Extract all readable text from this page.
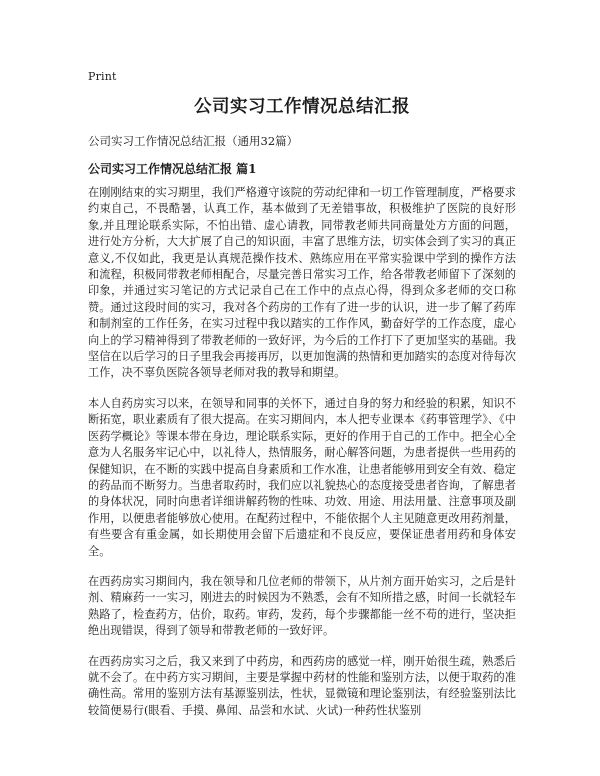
Print
公司实习工作情况总结汇报

公司实习工作情况总结汇报（通用32篇）

公司实习工作情况总结汇报 篇1

在刚刚结束的实习期里，我们严格遵守该院的劳动纪律和一切工作管理制度，严格要求约束自己，不畏酷暑，认真工作，基本做到了无差错事故，积极维护了医院的良好形象,并且理论联系实际，不怕出错、虚心请教，同带教老师共同商量处方方面的问题，进行处方分析，大大扩展了自己的知识面，丰富了思维方法，切实体会到了实习的真正意义,不仅如此，我更是认真规范操作技术、熟练应用在平常实验课中学到的操作方法和流程，积极同带教老师相配合，尽量完善日常实习工作，给各带教老师留下了深刻的印象，并通过实习笔记的方式记录自己在工作中的点点心得，得到众多老师的交口称赞。通过这段时间的实习，我对各个药房的工作有了进一步的认识，进一步了解了药库和制剂室的工作任务，在实习过程中我以踏实的工作作风，勤奋好学的工作态度，虚心向上的学习精神得到了带教老师的一致好评，为今后的工作打下了更加坚实的基础。我坚信在以后学习的日子里我会再接再厉，以更加饱满的热情和更加踏实的态度对待每次工作，决不辜负医院各领导老师对我的教导和期望。

本人自药房实习以来，在领导和同事的关怀下，通过自身的努力和经验的积累，知识不断拓宽，职业素质有了很大提高。在实习期间内，本人把专业课本《药事管理学》、《中医药学概论》等课本带在身边，理论联系实际，更好的作用于自己的工作中。把全心全意为人名服务牢记心中，以礼待人，热情服务，耐心解答问题，为患者提供一些用药的保健知识，在不断的实践中提高自身素质和工作水准，让患者能够用到安全有效、稳定的药品而不断努力。当患者取药时，我们应以礼貌热心的态度接受患者咨询，了解患者的身体状况，同时向患者详细讲解药物的性味、功效、用途、用法用量、注意事项及副作用，以便患者能够放心使用。在配药过程中，不能依据个人主见随意更改用药剂量，有些要含有重金属，如长期使用会留下后遗症和不良反应，要保证患者用药和身体安全。

在西药房实习期间内，我在领导和几位老师的带领下，从片剂方面开始实习，之后是针剂、精麻药一一实习，刚进去的时候因为不熟悉，会有不知所措之感，时间一长就轻车熟路了，检查药方，估价，取药。审药，发药，每个步骤都能一丝不苟的进行，坚决拒绝出现错误，得到了领导和带教老师的一致好评。

在西药房实习之后，我又来到了中药房，和西药房的感觉一样，刚开始很生疏，熟悉后就不会了。在中药方实习期间，主要是掌握中药材的性能和鉴别方法，以便于取药的准确性高。常用的鉴别方法有基源鉴别法，性状，显微镜和理论鉴别法，有经验鉴别法比较简便易行(眼看、手摸、鼻闻、品尝和水试、火试)一种药性状鉴别
